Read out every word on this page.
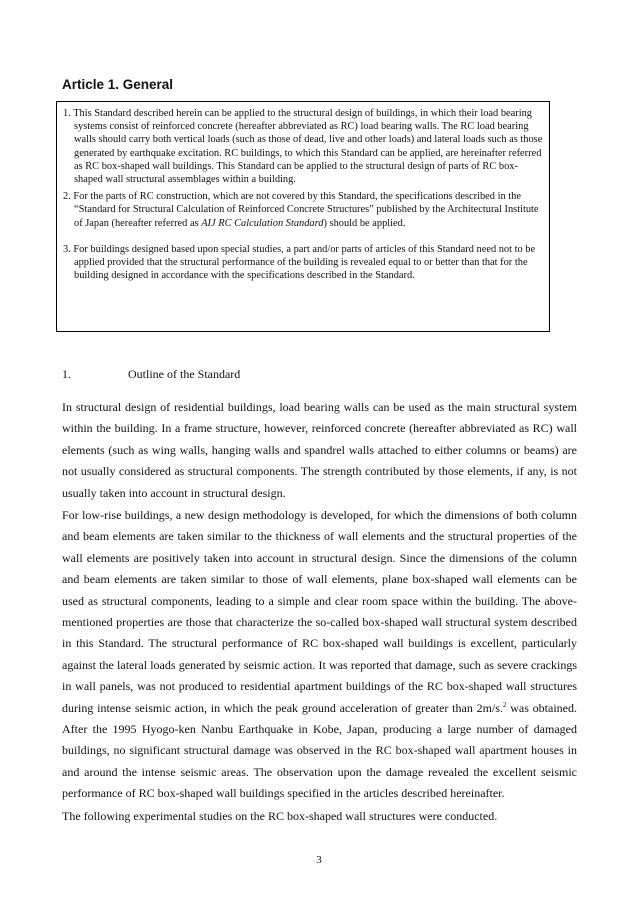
Article 1. General

1. This Standard described herein can be applied to the structural design of buildings, in which their load bearing systems consist of reinforced concrete (hereafter abbreviated as RC) load bearing walls. The RC load bearing walls should carry both vertical loads (such as those of dead, live and other loads) and lateral loads such as those generated by earthquake excitation. RC buildings, to which this Standard can be applied, are hereinafter referred as RC box-shaped wall buildings. This Standard can be applied to the structural design of parts of RC box-shaped wall structural assemblages within a building.

2. For the parts of RC construction, which are not covered by this Standard, the specifications described in the “Standard for Structural Calculation of Reinforced Concrete Structures” published by the Architectural Institute of Japan (hereafter referred as AIJ RC Calculation Standard) should be applied.

3. For buildings designed based upon special studies, a part and/or parts of articles of this Standard need not to be applied provided that the structural performance of the building is revealed equal to or better than that for the building designed in accordance with the specifications described in the Standard.

1.	Outline of the Standard

In structural design of residential buildings, load bearing walls can be used as the main structural system within the building. In a frame structure, however, reinforced concrete (hereafter abbreviated as RC) wall elements (such as wing walls, hanging walls and spandrel walls attached to either columns or beams) are not usually considered as structural components. The strength contributed by those elements, if any, is not usually taken into account in structural design.

For low-rise buildings, a new design methodology is developed, for which the dimensions of both column and beam elements are taken similar to the thickness of wall elements and the structural properties of the wall elements are positively taken into account in structural design. Since the dimensions of the column and beam elements are taken similar to those of wall elements, plane box-shaped wall elements can be used as structural components, leading to a simple and clear room space within the building. The above-mentioned properties are those that characterize the so-called box-shaped wall structural system described in this Standard. The structural performance of RC box-shaped wall buildings is excellent, particularly against the lateral loads generated by seismic action. It was reported that damage, such as severe crackings in wall panels, was not produced to residential apartment buildings of the RC box-shaped wall structures during intense seismic action, in which the peak ground acceleration of greater than 2m/s.$^2$ was obtained. After the 1995 Hyogo-ken Nanbu Earthquake in Kobe, Japan, producing a large number of damaged buildings, no significant structural damage was observed in the RC box-shaped wall apartment houses in and around the intense seismic areas. The observation upon the damage revealed the excellent seismic performance of RC box-shaped wall buildings specified in the articles described hereinafter.

The following experimental studies on the RC box-shaped wall structures were conducted.

3
